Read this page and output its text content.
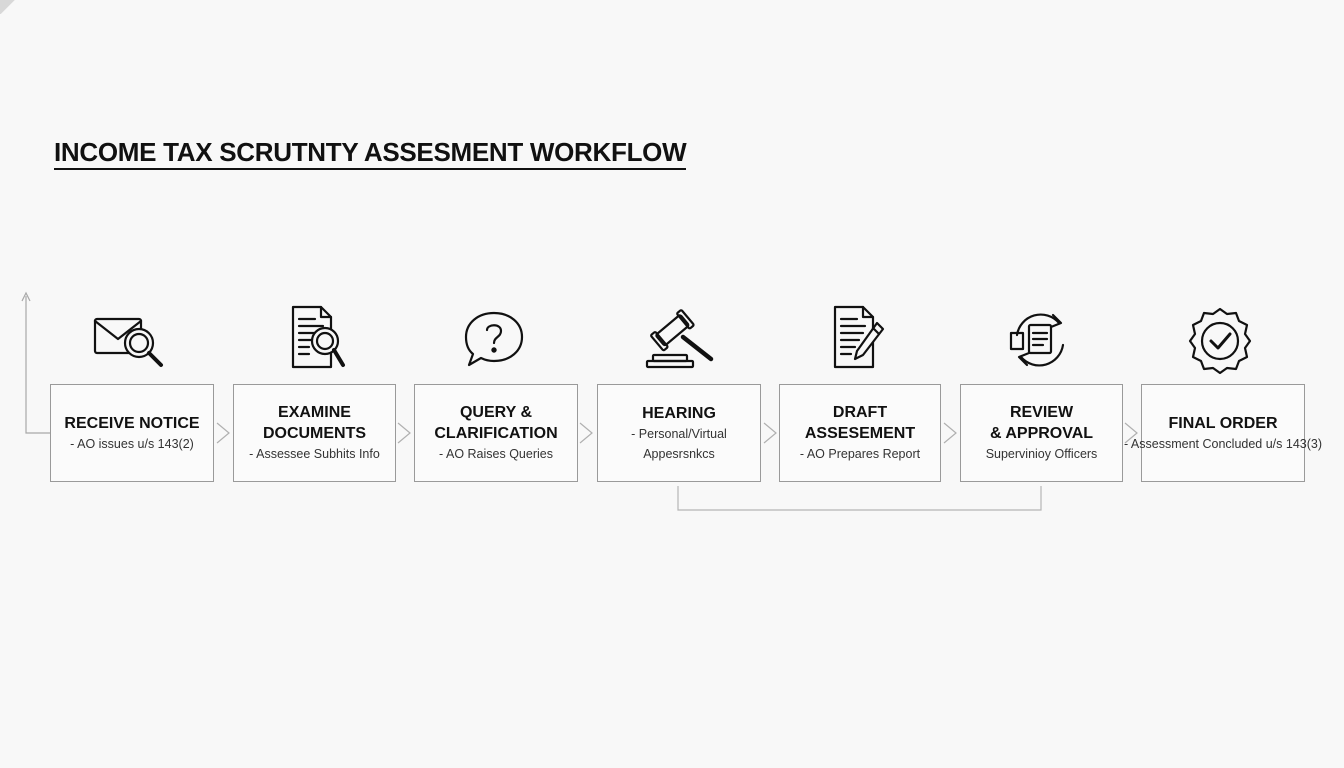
INCOME TAX SCRUTNTY ASSESMENT WORKFLOW
RECEIVE NOTICE
- AO issues u/s 143(2)
EXAMINE
DOCUMENTS
- Assessee Subhits Info
QUERY &
CLARIFICATION
- AO Raises Queries
HEARING
- Personal/Virtual
Appesrsnkcs
DRAFT
ASSESEMENT
- AO Prepares Report
REVIEW
& APPROVAL
Supervinioy Officers
FINAL ORDER
- Assessment Concluded u/s 143(3)
